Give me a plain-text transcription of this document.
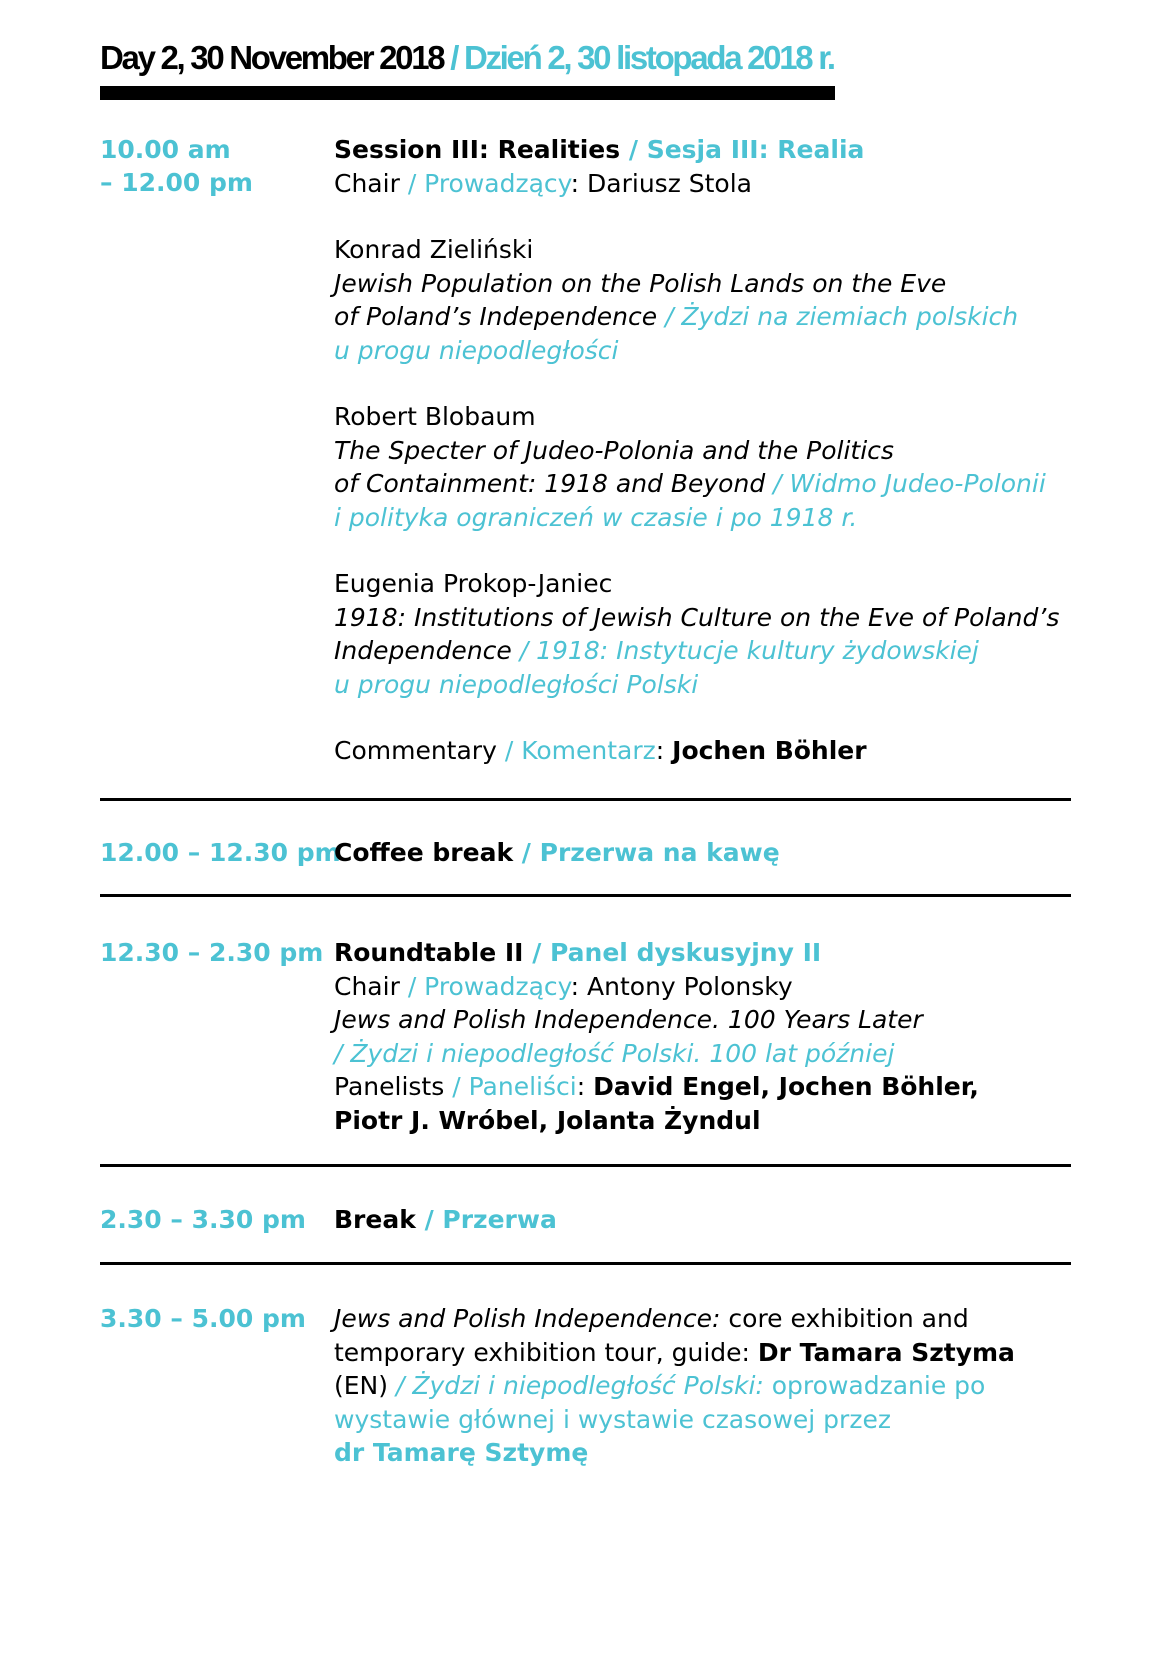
Day 2, 30 November 2018 / Dzień 2, 30 listopada 2018 r.
10.00 am
– 12.00 pm
Session III: Realities / Sesja III: Realia
Chair / Prowadzący: Dariusz Stola
Konrad Zieliński
Jewish Population on the Polish Lands on the Eve
of Poland’s Independence / Żydzi na ziemiach polskich
u progu niepodległości
Robert Blobaum
The Specter of Judeo-Polonia and the Politics
of Containment: 1918 and Beyond / Widmo Judeo-Polonii
i polityka ograniczeń w czasie i po 1918 r.
Eugenia Prokop-Janiec
1918: Institutions of Jewish Culture on the Eve of Poland’s
Independence / 1918: Instytucje kultury żydowskiej
u progu niepodległości Polski
Commentary / Komentarz: Jochen Böhler
12.00 – 12.30 pm
Coffee break / Przerwa na kawę
12.30 – 2.30 pm Roundtable II / Panel dyskusyjny II
Chair / Prowadzący: Antony Polonsky
Jews and Polish Independence. 100 Years Later
/ Żydzi i niepodległość Polski. 100 lat później
Panelists / Paneliści: David Engel, Jochen Böhler,
Piotr J. Wróbel, Jolanta Żyndul
2.30 – 3.30 pm Break / Przerwa
3.30 – 5.00 pm Jews and Polish Independence: core exhibition and
temporary exhibition tour, guide: Dr Tamara Sztyma
(EN) / Żydzi i niepodległość Polski: oprowadzanie po
wystawie głównej i wystawie czasowej przez
dr Tamarę Sztymę
